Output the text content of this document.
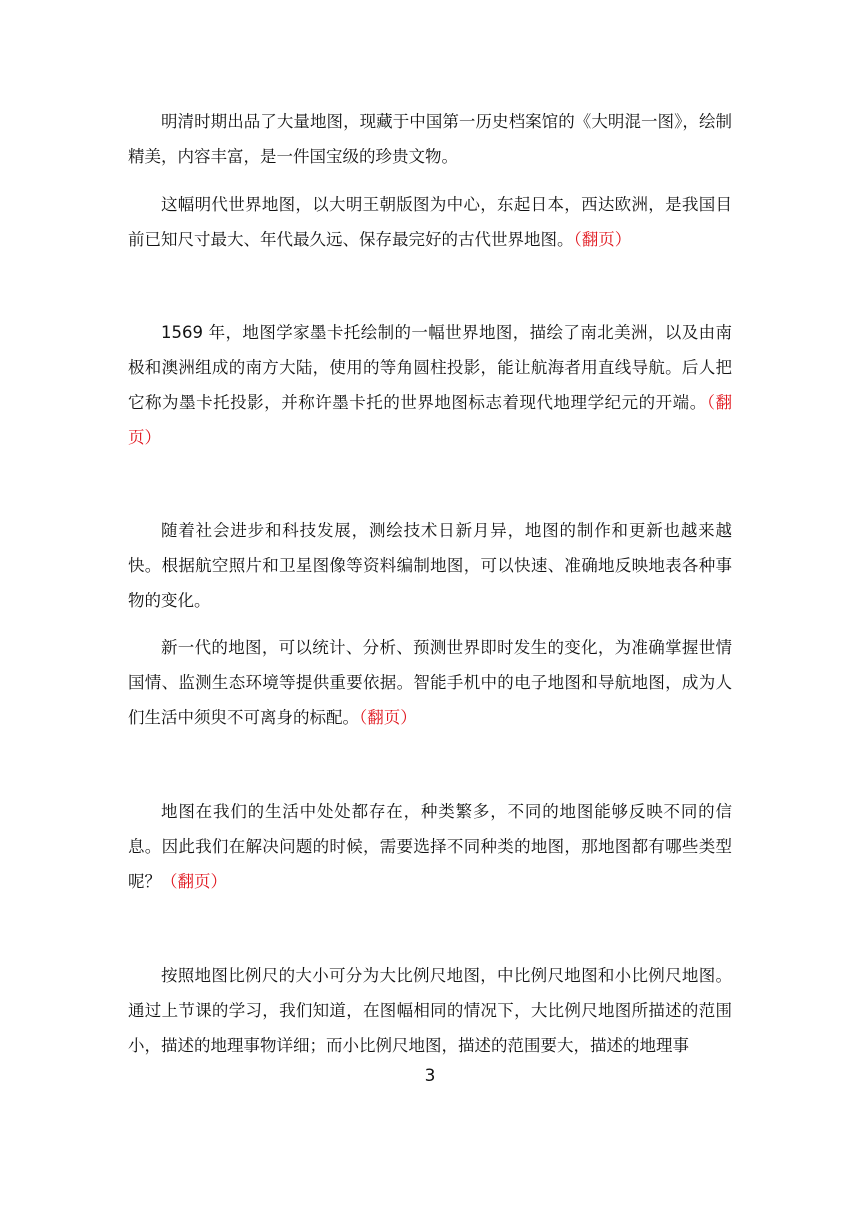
明清时期出品了大量地图，现藏于中国第一历史档案馆的《大明混一图》，绘制精美，内容丰富，是一件国宝级的珍贵文物。

这幅明代世界地图，以大明王朝版图为中心，东起日本，西达欧洲，是我国目前已知尺寸最大、年代最久远、保存最完好的古代世界地图。（翻页）

1569 年，地图学家墨卡托绘制的一幅世界地图，描绘了南北美洲，以及由南极和澳洲组成的南方大陆，使用的等角圆柱投影，能让航海者用直线导航。后人把它称为墨卡托投影，并称许墨卡托的世界地图标志着现代地理学纪元的开端。（翻页）

随着社会进步和科技发展，测绘技术日新月异，地图的制作和更新也越来越快。根据航空照片和卫星图像等资料编制地图，可以快速、准确地反映地表各种事物的变化。

新一代的地图，可以统计、分析、预测世界即时发生的变化，为准确掌握世情国情、监测生态环境等提供重要依据。智能手机中的电子地图和导航地图，成为人们生活中须臾不可离身的标配。（翻页）

地图在我们的生活中处处都存在，种类繁多，不同的地图能够反映不同的信息。因此我们在解决问题的时候，需要选择不同种类的地图，那地图都有哪些类型呢？（翻页）

按照地图比例尺的大小可分为大比例尺地图，中比例尺地图和小比例尺地图。通过上节课的学习，我们知道，在图幅相同的情况下，大比例尺地图所描述的范围小，描述的地理事物详细；而小比例尺地图，描述的范围要大，描述的地理事

3
